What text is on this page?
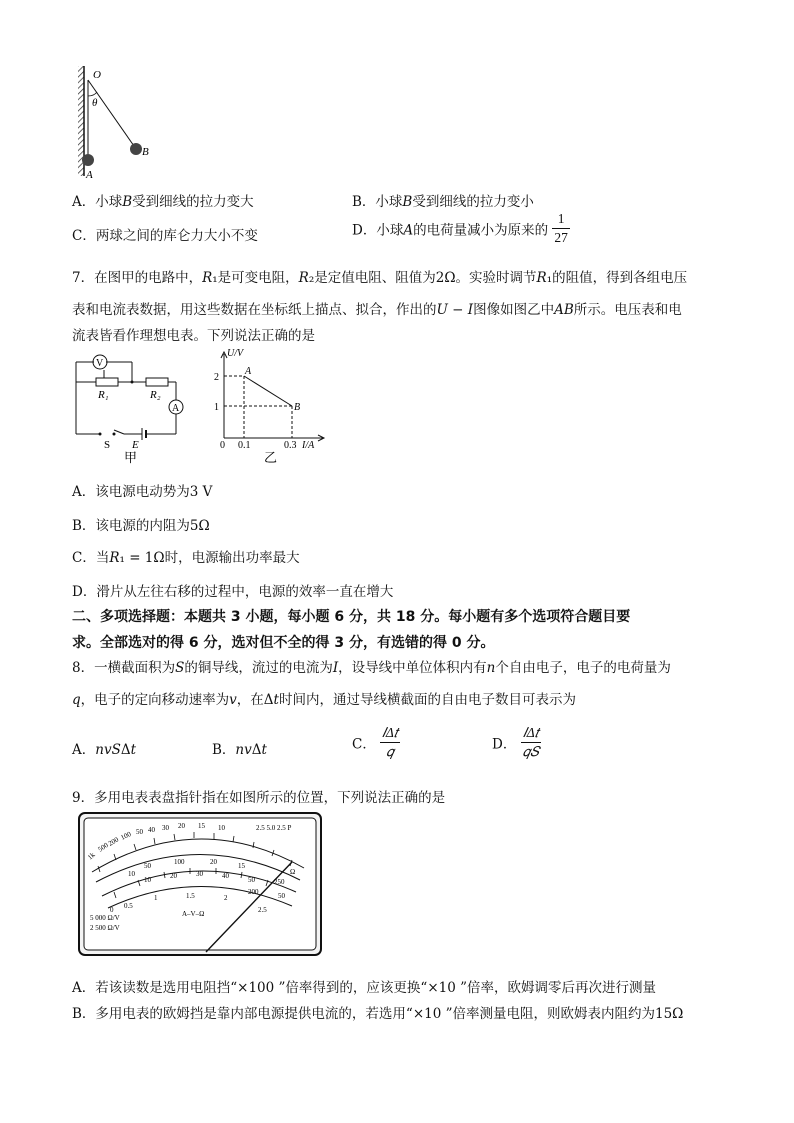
O
θ
A
B
A．小球𝐵受到细线的拉力变大	B．小球𝐵受到细线的拉力变小
C．两球之间的库仑力大小不变	D．小球𝐴的电荷量减小为原来的 $\frac{1}{27}$
7．在图甲的电路中，𝑅₁是可变电阻，𝑅₂是定值电阻、阻值为2Ω。实验时调节𝑅₁的阻值，得到各组电压
表和电流表数据，用这些数据在坐标纸上描点、拟合，作出的𝑈 − 𝐼图像如图乙中𝐴𝐵所示。电压表和电
流表皆看作理想电表。下列说法正确的是
V
A
R₁	R₂
S E
甲
U/V
I/A
2
1
0 0.1	0.3
A
B
乙
A．该电源电动势为3 V
B．该电源的内阻为5Ω
C．当𝑅₁ = 1Ω时，电源输出功率最大
D．滑片从左往右移的过程中，电源的效率一直在增大
二、多项选择题：本题共 3 小题，每小题 6 分，共 18 分。每小题有多个选项符合题目要
求。全部选对的得 6 分，选对但不全的得 3 分，有选错的得 0 分。
8．一横截面积为𝑆的铜导线，流过的电流为𝐼，设导线中单位体积内有𝑛个自由电子，电子的电荷量为
𝑞，电子的定向移动速率为𝑣，在Δ𝑡时间内，通过导线横截面的自由电子数目可表示为
A．𝑛𝑣𝑆Δ𝑡	B．𝑛𝑣Δ𝑡	C． $\frac{\text{𝐼Δ𝑡}}{\text{𝑞}}$	D． $\frac{\text{𝐼Δ𝑡}}{\text{𝑞𝑆}}$
9．多用电表表盘指针指在如图所示的位置，下列说法正确的是
1k
500
200 100 50 40 30 20 15 10	2.5 5.0 2.5 P
100
50	20	15
10	Ω
10	20	30	40	50
200
250
50
0 0.5
1	1.5	2
2.5
A–V–Ω
5 000 Ω/V
2 500 Ω/V
A．若该读数是选用电阻挡“×100 ”倍率得到的，应该更换“×10 ”倍率，欧姆调零后再次进行测量
B．多用电表的欧姆挡是靠内部电源提供电流的，若选用“×10 ”倍率测量电阻，则欧姆表内阻约为15Ω
